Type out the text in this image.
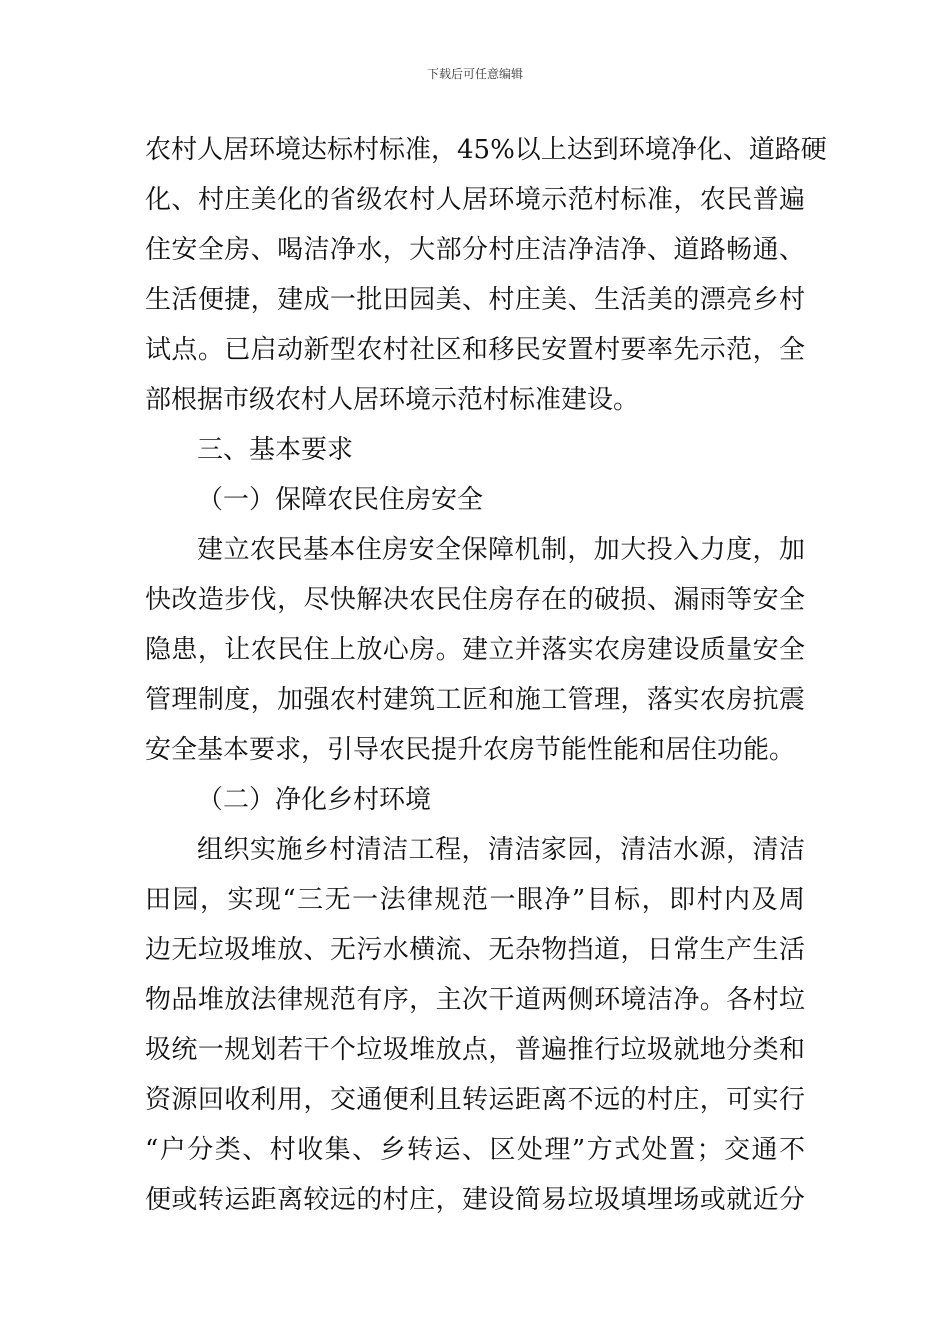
下载后可任意编辑
农村人居环境达标村标准，45%以上达到环境净化、道路硬
化、村庄美化的省级农村人居环境示范村标准，农民普遍
住安全房、喝洁净水，大部分村庄洁净洁净、道路畅通、
生活便捷，建成一批田园美、村庄美、生活美的漂亮乡村
试点。已启动新型农村社区和移民安置村要率先示范，全
部根据市级农村人居环境示范村标准建设。
三、基本要求
（一）保障农民住房安全
建立农民基本住房安全保障机制，加大投入力度，加
快改造步伐，尽快解决农民住房存在的破损、漏雨等安全
隐患，让农民住上放心房。建立并落实农房建设质量安全
管理制度，加强农村建筑工匠和施工管理，落实农房抗震
安全基本要求，引导农民提升农房节能性能和居住功能。
（二）净化乡村环境
组织实施乡村清洁工程，清洁家园，清洁水源，清洁
田园，实现“三无一法律规范一眼净”目标，即村内及周
边无垃圾堆放、无污水横流、无杂物挡道，日常生产生活
物品堆放法律规范有序，主次干道两侧环境洁净。各村垃
圾统一规划若干个垃圾堆放点，普遍推行垃圾就地分类和
资源回收利用，交通便利且转运距离不远的村庄，可实行
“户分类、村收集、乡转运、区处理”方式处置；交通不
便或转运距离较远的村庄，建设简易垃圾填埋场或就近分
